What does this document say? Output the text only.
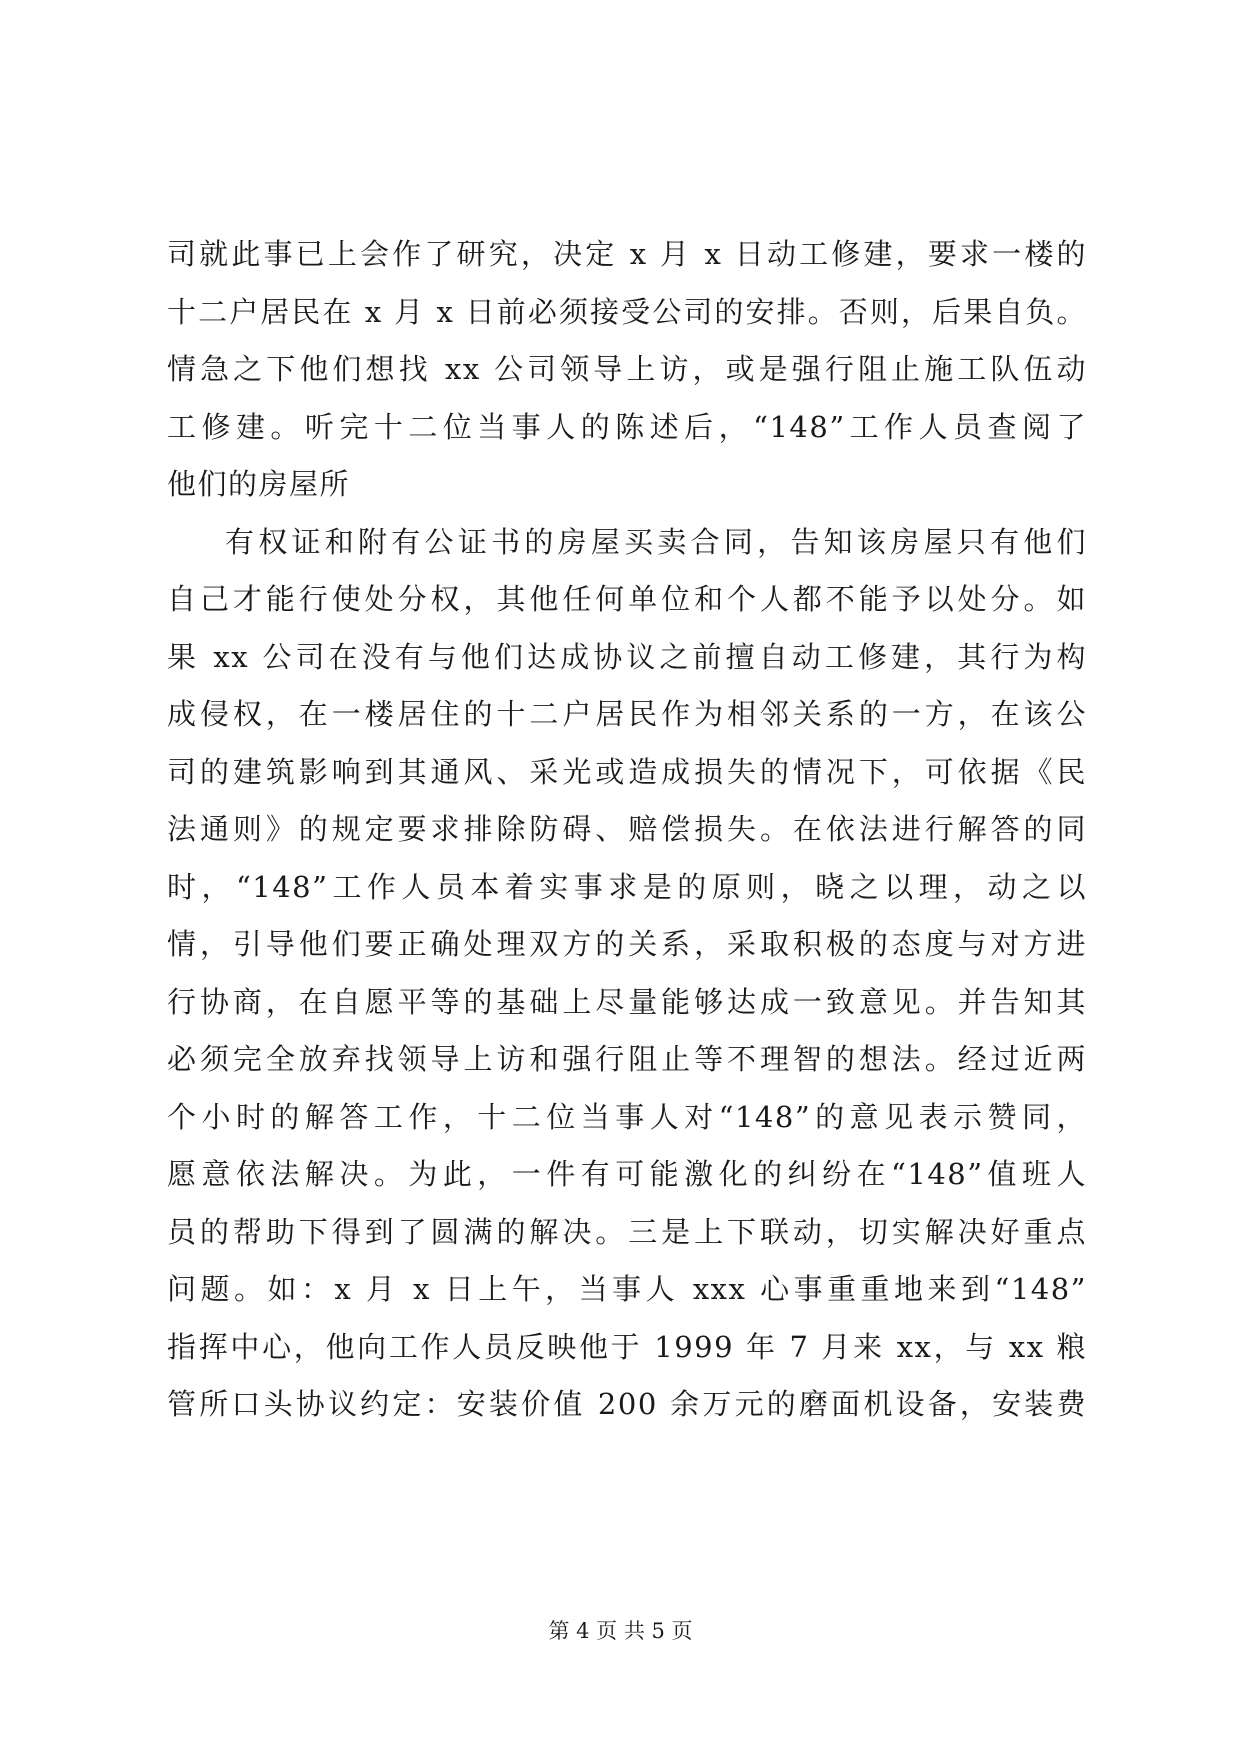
司就此事已上会作了研究，决定 x 月 x 日动工修建，要求一楼的
十二户居民在 x 月 x 日前必须接受公司的安排。否则，后果自负。
情急之下他们想找 xx 公司领导上访，或是强行阻止施工队伍动
工修建。听完十二位当事人的陈述后，“148”工作人员查阅了
他们的房屋所
有权证和附有公证书的房屋买卖合同，告知该房屋只有他们
自己才能行使处分权，其他任何单位和个人都不能予以处分。如
果 xx 公司在没有与他们达成协议之前擅自动工修建，其行为构
成侵权，在一楼居住的十二户居民作为相邻关系的一方，在该公
司的建筑影响到其通风、采光或造成损失的情况下，可依据《民
法通则》的规定要求排除防碍、赔偿损失。在依法进行解答的同
时，“148”工作人员本着实事求是的原则，晓之以理，动之以
情，引导他们要正确处理双方的关系，采取积极的态度与对方进
行协商，在自愿平等的基础上尽量能够达成一致意见。并告知其
必须完全放弃找领导上访和强行阻止等不理智的想法。经过近两
个小时的解答工作，十二位当事人对“148”的意见表示赞同，
愿意依法解决。为此，一件有可能激化的纠纷在“148”值班人
员的帮助下得到了圆满的解决。三是上下联动，切实解决好重点
问题。如：x 月 x 日上午，当事人 xxx 心事重重地来到“148”
指挥中心，他向工作人员反映他于 1999 年 7 月来 xx，与 xx 粮
管所口头协议约定：安装价值 200 余万元的磨面机设备，安装费
第 4 页 共 5 页
